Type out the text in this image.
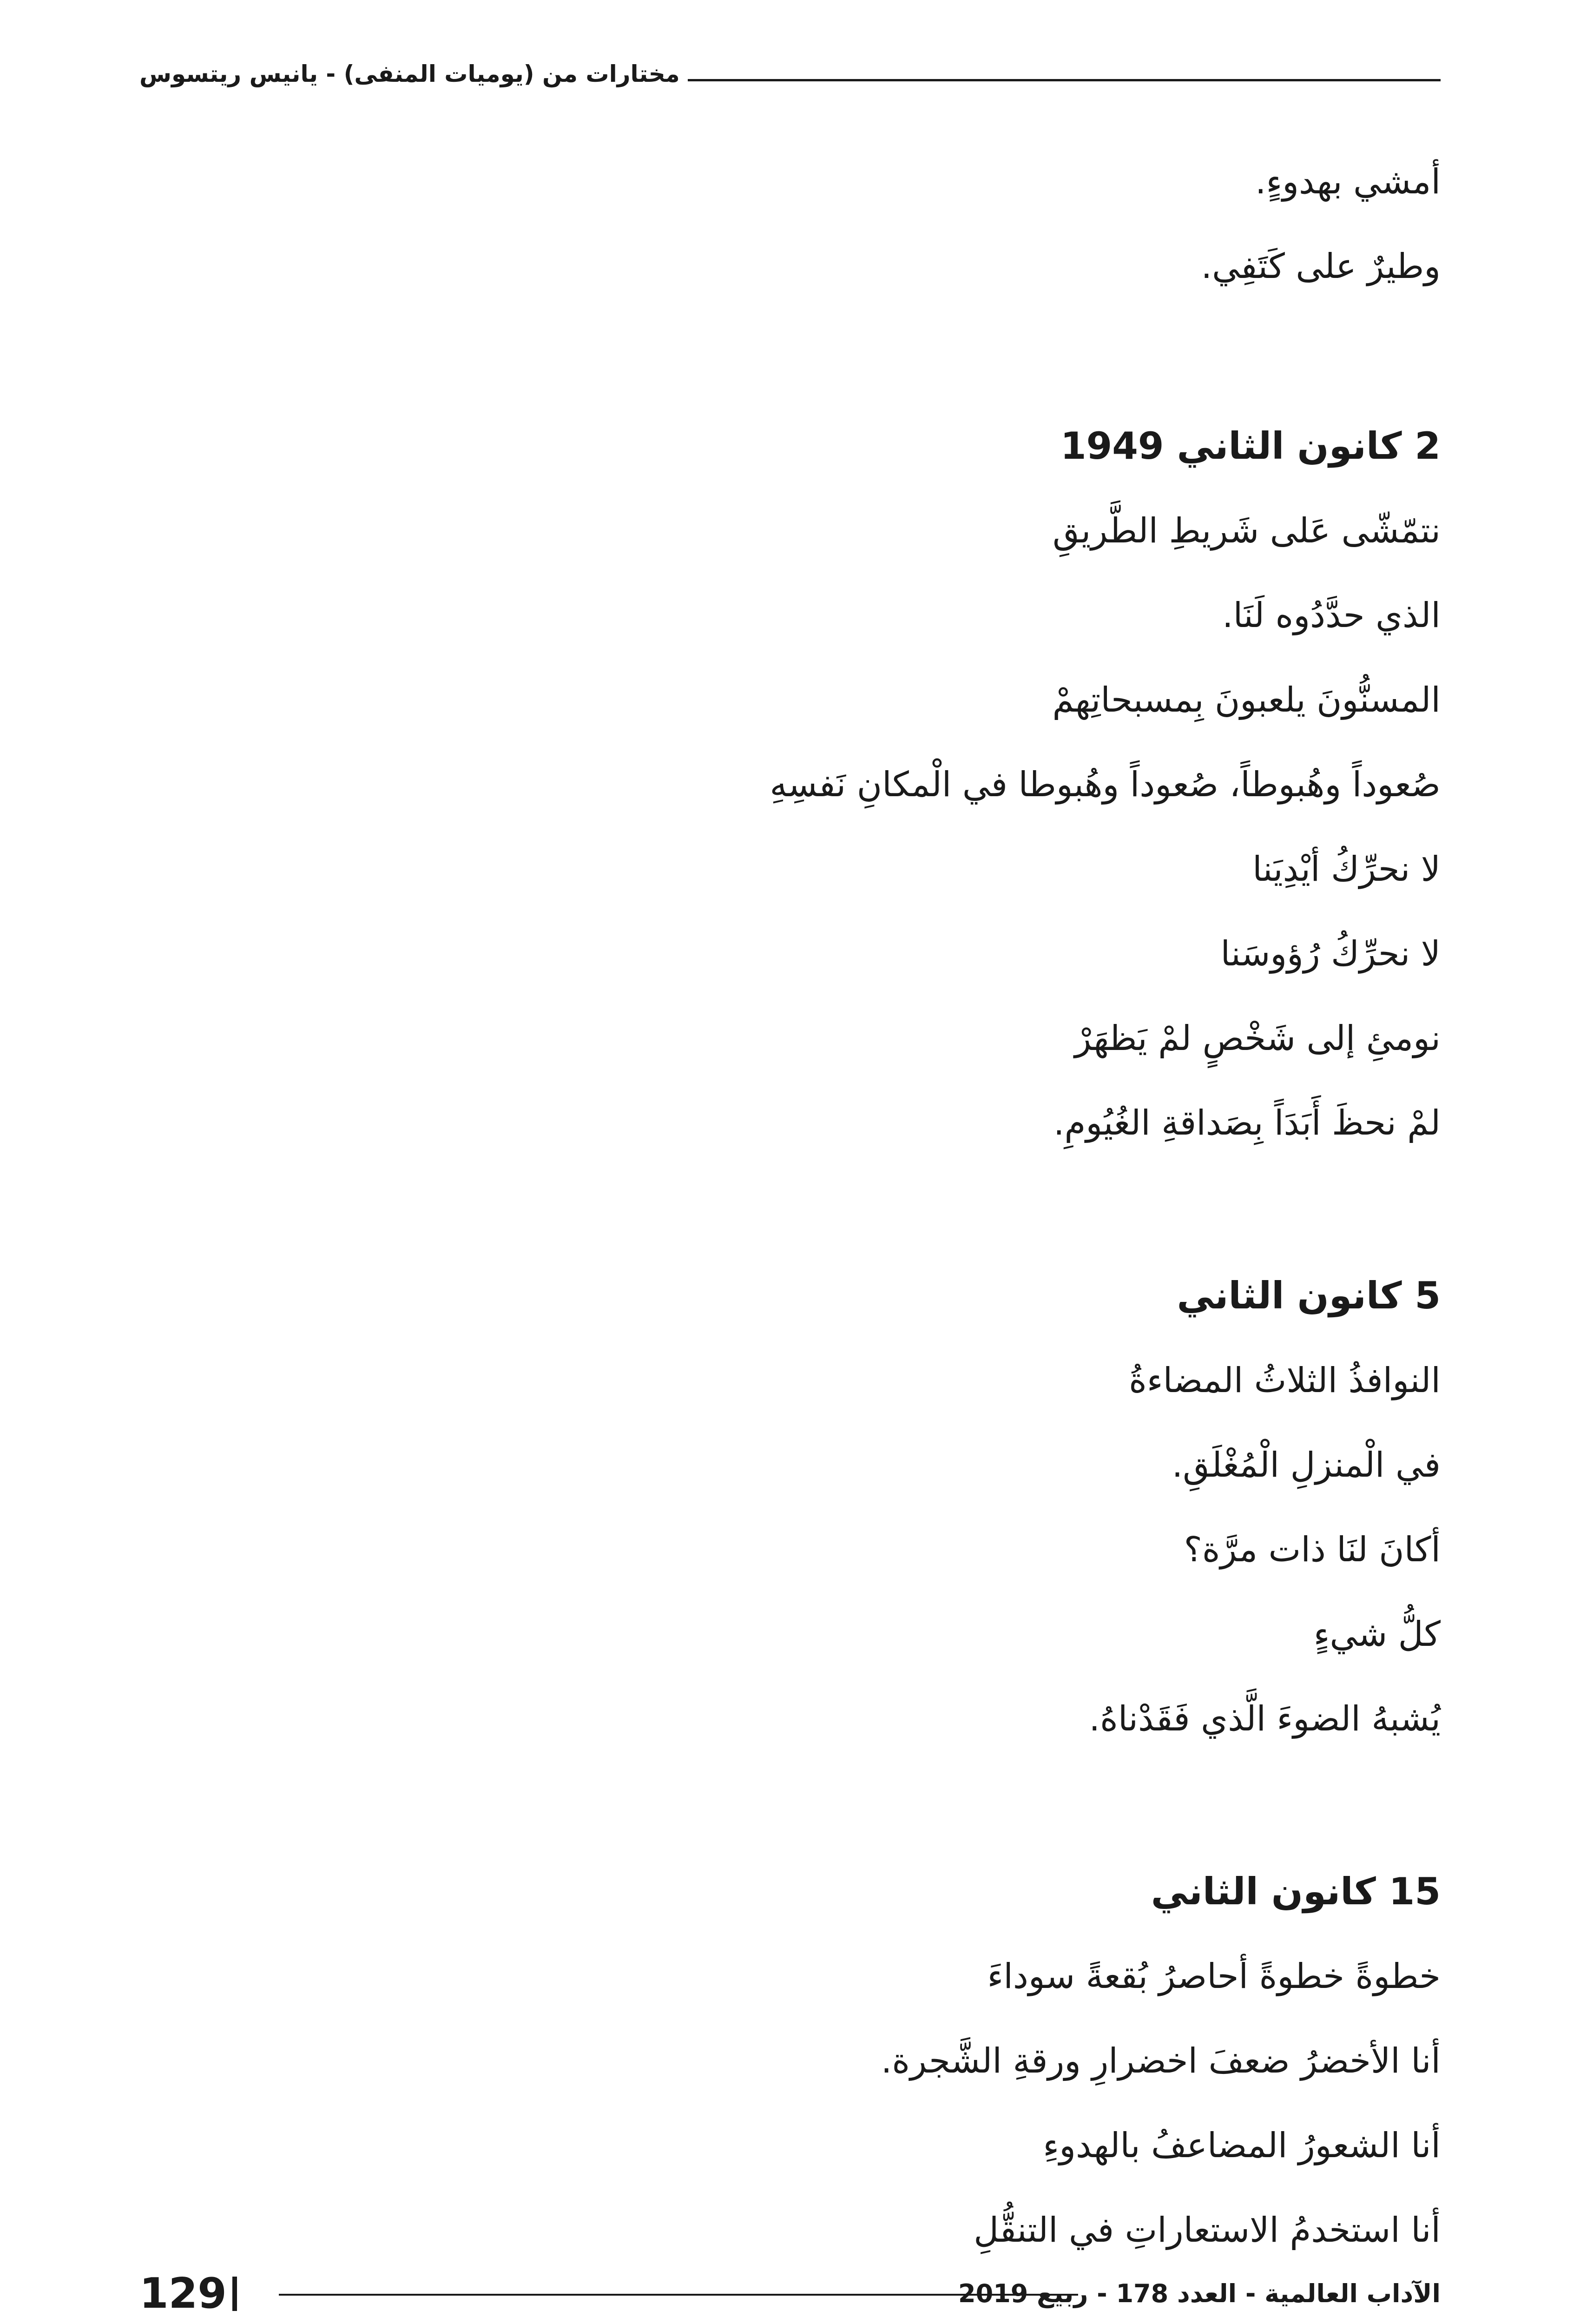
مختارات من (يوميات المنفى) - يانيس ريتسوس
أمشي بهدوءٍ.
وطيرٌ على كَتَفِي.
2 كانون الثاني 1949
نتمّشّى عَلى شَريطِ الطَّريقِ
الذي حدَّدُوه لَنَا.
المسنُّونَ يلعبونَ بِمسبحاتِهمْ
صُعوداً وهُبوطاً، صُعوداً وهُبوطا في الْمكانِ نَفسِهِ
لا نحرِّكُ أيْدِيَنا
لا نحرِّكُ رُؤوسَنا
نومئِ إلى شَخْصٍ لمْ يَظهَرْ
لمْ نحظَ أَبَدَاً بِصَداقةِ الغُيُومِ.
5 كانون الثاني
النوافذُ الثلاثُ المضاءةُ
في الْمنزلِ الْمُغْلَقِ.
أكانَ لنَا ذات مرَّة؟
كلُّ شيءٍ
يُشبهُ الضوءَ الَّذي فَقَدْناهُ.
15 كانون الثاني
خطوةً خطوةً أحاصرُ بُقعةً سوداءَ
أنا الأخضرُ ضعفَ اخضرارِ ورقةِ الشَّجرة.
أنا الشعورُ المضاعفُ بالهدوءِ
أنا استخدمُ الاستعاراتِ في التنقُّلِ
129	الآداب العالمية - العدد 178 - ربيع 2019
